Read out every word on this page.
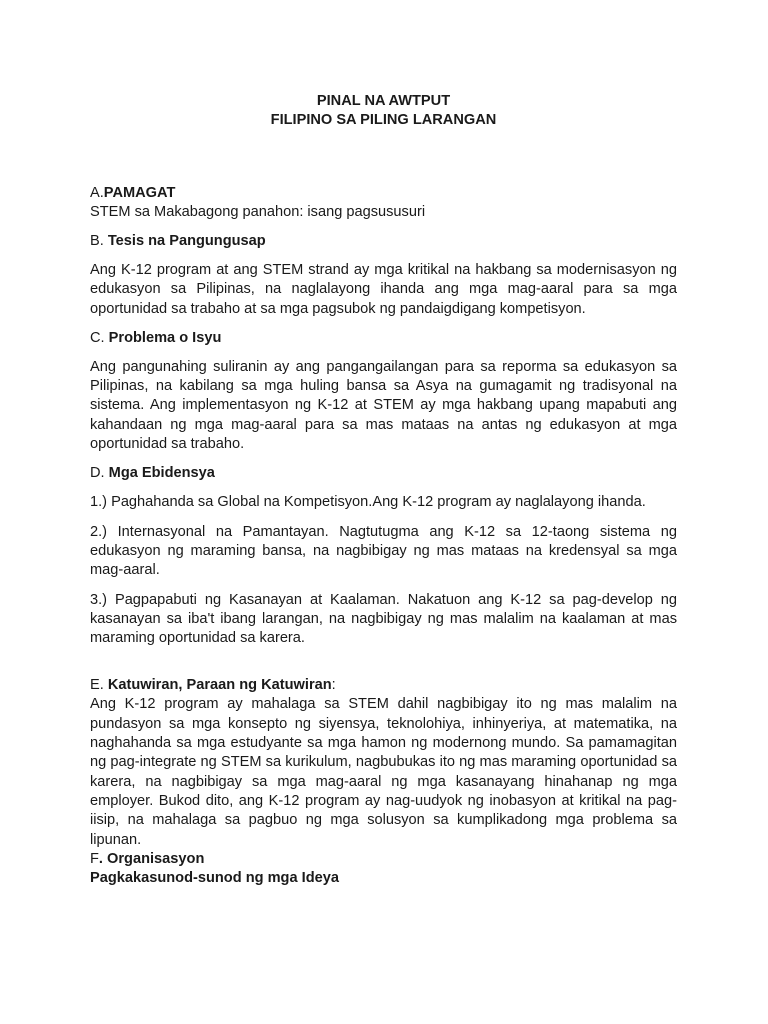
PINAL NA AWTPUT

FILIPINO SA PILING LARANGAN

A.PAMAGAT

STEM sa Makabagong panahon: isang pagsususuri

B. Tesis na Pangungusap

Ang K-12 program at ang STEM strand ay mga kritikal na hakbang sa modernisasyon ng edukasyon sa Pilipinas, na naglalayong ihanda ang mga mag-aaral para sa mga oportunidad sa trabaho at sa mga pagsubok ng pandaigdigang kompetisyon.

C. Problema o Isyu

Ang pangunahing suliranin ay ang pangangailangan para sa reporma sa edukasyon sa Pilipinas, na kabilang sa mga huling bansa sa Asya na gumagamit ng tradisyonal na sistema. Ang implementasyon ng K-12 at STEM ay mga hakbang upang mapabuti ang kahandaan ng mga mag-aaral para sa mas mataas na antas ng edukasyon at mga oportunidad sa trabaho.

D. Mga Ebidensya

1.) Paghahanda sa Global na Kompetisyon.Ang K-12 program ay naglalayong ihanda.

2.) Internasyonal na Pamantayan. Nagtutugma ang K-12 sa 12-taong sistema ng edukasyon ng maraming bansa, na nagbibigay ng mas mataas na kredensyal sa mga mag-aaral.

3.) Pagpapabuti ng Kasanayan at Kaalaman. Nakatuon ang K-12 sa pag-develop ng kasanayan sa iba't ibang larangan, na nagbibigay ng mas malalim na kaalaman at mas maraming oportunidad sa karera.

E. Katuwiran, Paraan ng Katuwiran:

Ang K-12 program ay mahalaga sa STEM dahil nagbibigay ito ng mas malalim na pundasyon sa mga konsepto ng siyensya, teknolohiya, inhinyeriya, at matematika, na naghahanda sa mga estudyante sa mga hamon ng modernong mundo. Sa pamamagitan ng pag-integrate ng STEM sa kurikulum, nagbubukas ito ng mas maraming oportunidad sa karera, na nagbibigay sa mga mag-aaral ng mga kasanayang hinahanap ng mga employer. Bukod dito, ang K-12 program ay nag-uudyok ng inobasyon at kritikal na pag-iisip, na mahalaga sa pagbuo ng mga solusyon sa kumplikadong mga problema sa lipunan.

F. Organisasyon

Pagkakasunod-sunod ng mga Ideya
